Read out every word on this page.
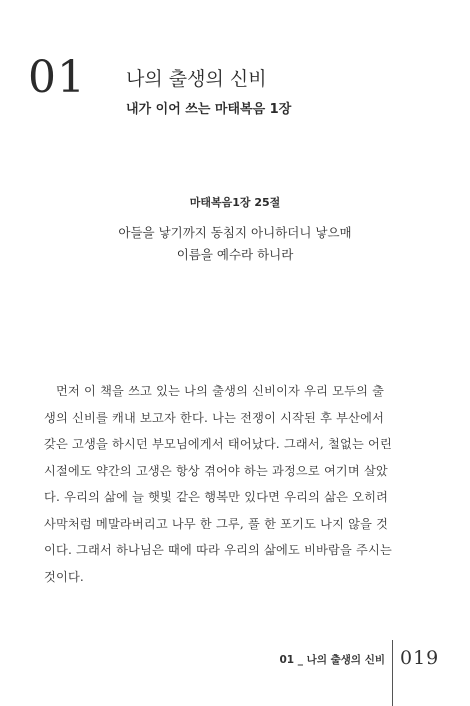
01 나의 출생의 신비
내가 이어 쓰는 마태복음 1장
마태복음1장 25절
아들을 낳기까지 동침지 아니하더니 낳으매
이름을 예수라 하니라
먼저 이 책을 쓰고 있는 나의 출생의 신비이자 우리 모두의 출
생의 신비를 캐내 보고자 한다. 나는 전쟁이 시작된 후 부산에서
갖은 고생을 하시던 부모님에게서 태어났다. 그래서, 철없는 어린
시절에도 약간의 고생은 항상 겪어야 하는 과정으로 여기며 살았
다. 우리의 삶에 늘 햇빛 같은 행복만 있다면 우리의 삶은 오히려
사막처럼 메말라버리고 나무 한 그루, 풀 한 포기도 나지 않을 것
이다. 그래서 하나님은 때에 따라 우리의 삶에도 비바람을 주시는
것이다.
01 _ 나의 출생의 신비 019
